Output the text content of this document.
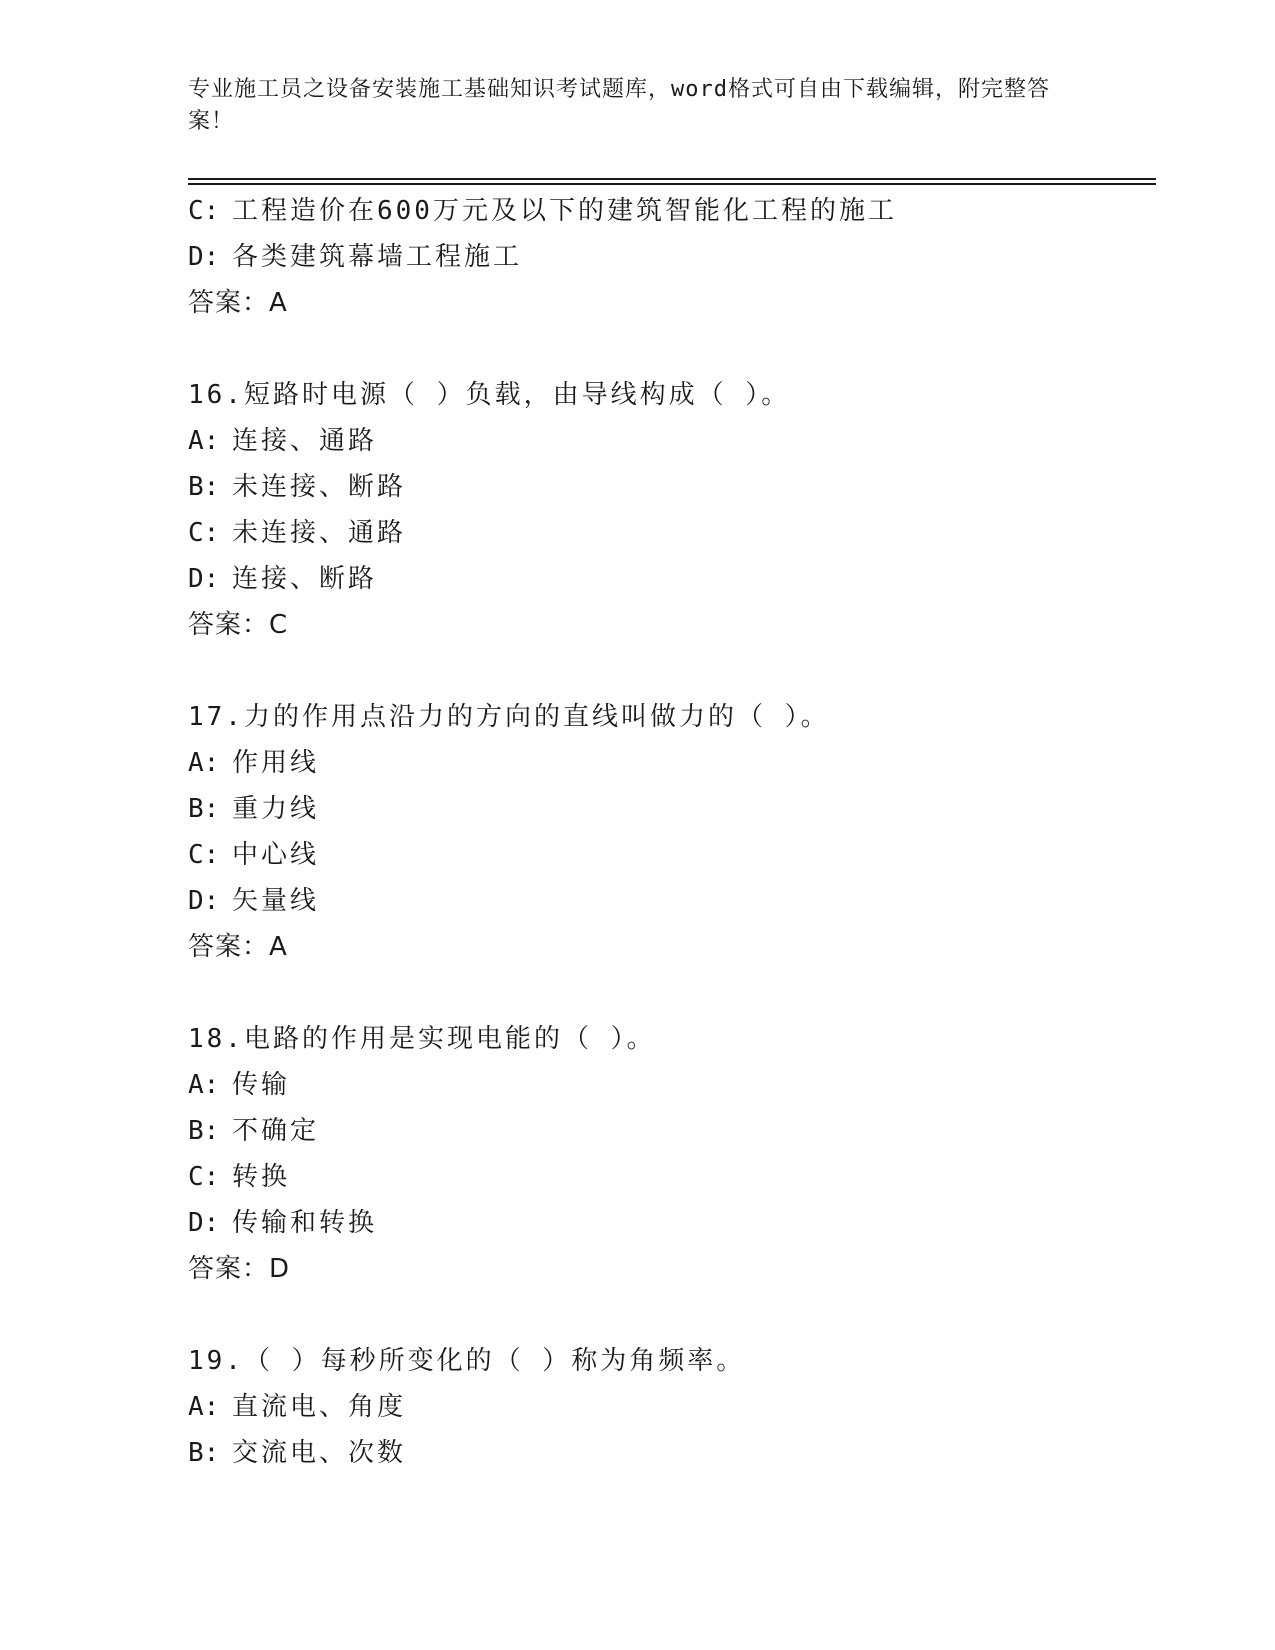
专业施工员之设备安装施工基础知识考试题库，word格式可自由下载编辑，附完整答案！
C: 工程造价在600万元及以下的建筑智能化工程的施工
D: 各类建筑幕墙工程施工
答案：A
16.短路时电源（ ）负载，由导线构成（ ）。
A: 连接、通路
B: 未连接、断路
C: 未连接、通路
D: 连接、断路
答案：C
17.力的作用点沿力的方向的直线叫做力的（ ）。
A: 作用线
B: 重力线
C: 中心线
D: 矢量线
答案：A
18.电路的作用是实现电能的（ ）。
A: 传输
B: 不确定
C: 转换
D: 传输和转换
答案：D
19.（ ）每秒所变化的（ ）称为角频率。
A: 直流电、角度
B: 交流电、次数
